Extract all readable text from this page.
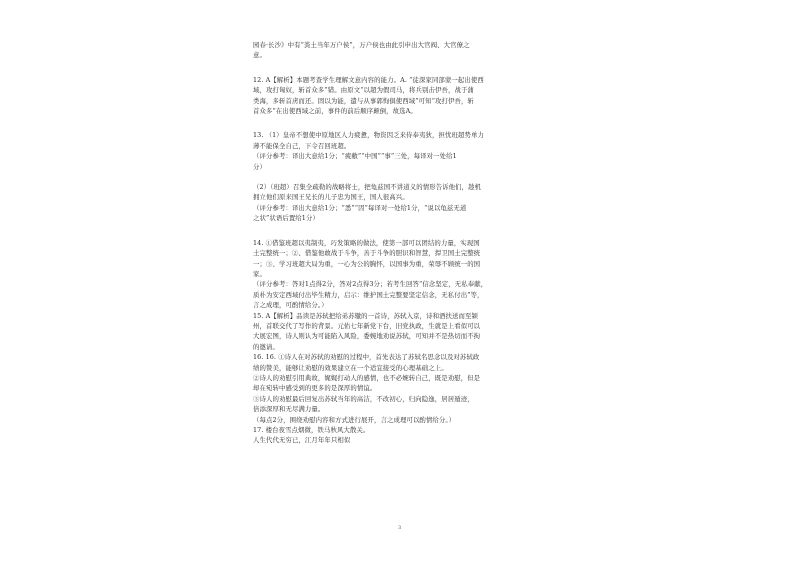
园春·长沙》中有“粪土当年万户侯”，万户侯也由此引申出大官阀、大官僚之
意。
12. A【解析】本题考查学生理解文意内容的能力。A. “徒深家同部蒙一起出使西
域，攻打匈奴，斩首众多”错。由原文“以超为假司马，将兵别击伊吾，战于蒲
类海，多斩首虏而还。固以为能，遣与从事郭恂俱使西域”可知“攻打伊吾，斩
首众多”在出使西域之前，事件的前后顺序颠倒，故选A。
13. （1）皇帝不想使中原地区人力疲惫，物资因乏来侍奉夷狄，担忧班超势单力
薄不能保全自己，下令召回班超。
（评分参考：译出大意给1分；“疲敝”“中国”“事”三处，每译对一处给1
分）
（2）（班超）召集全疏勒的战略将士，把龟兹国不讲道义的情形告诉他们，趁机
拥立他们原来国王兄长的儿子忠为国王，国人很高兴。
（评分参考：译出大意给1分；“悉”“因”每译对一处给1分，“说以龟兹无道
之状”状语后置给1分）
14. ①借鉴班超以夷制夷，巧发策略的做法，使第一部可以团结的力量，实现国
土完整统一；②、借鉴他敢战于斗争，善于斗争的胆识和智慧，捍卫国土完整统
一；③、学习班超大局为重，一心为公的胸怀，以国事为重，荣辱不顾统一的国
家。
（评分参考：答对1点得2分，答对2点得3分；若考生回答“信念坚定，无私奉献，
质朴为安定西域付出毕生精力，启示：维护国土完整要坚定信念，无私付出”等，
言之成理，可酌情给分。）
15. A【解析】品读是苏轼把给弟苏辙的一首诗，苏轼入京，诗和酒扶送而至颍
州，首联交代了写作的背景。元佑七年新党下台，旧党执政，生就是上看似可以
大展宏图，诗人则认为可能陷入风险，委婉地劝说苏轼，可知并不是热切而不拘
的邀请。
16. 16. ①诗人在对苏轼的劝慰的过程中，首先表达了苏轼名思念以及对苏轼政
绩的赞美，能够让劝慰的效果建立在一个适宜接受的心理基础之上。
②诗人的劝慰引用典故，娓娓打动人的感情，也不必婉转自己，既是劝慰，但是
却在宛转中感受到的更多的是深厚的情谊。
③诗人的劝慰最后回复出苏轼当年的高洁，不改初心，归向隐逸，居居遁迹，
倍添深厚和无尽满力量。
（每点2分，围绕劝慰内容和方式进行展开，言之成理可以酌情给分。）
17. 楼台夜雪点烟微，铁马秋风大散关。
人生代代无穷已，江月年年只相似
3
